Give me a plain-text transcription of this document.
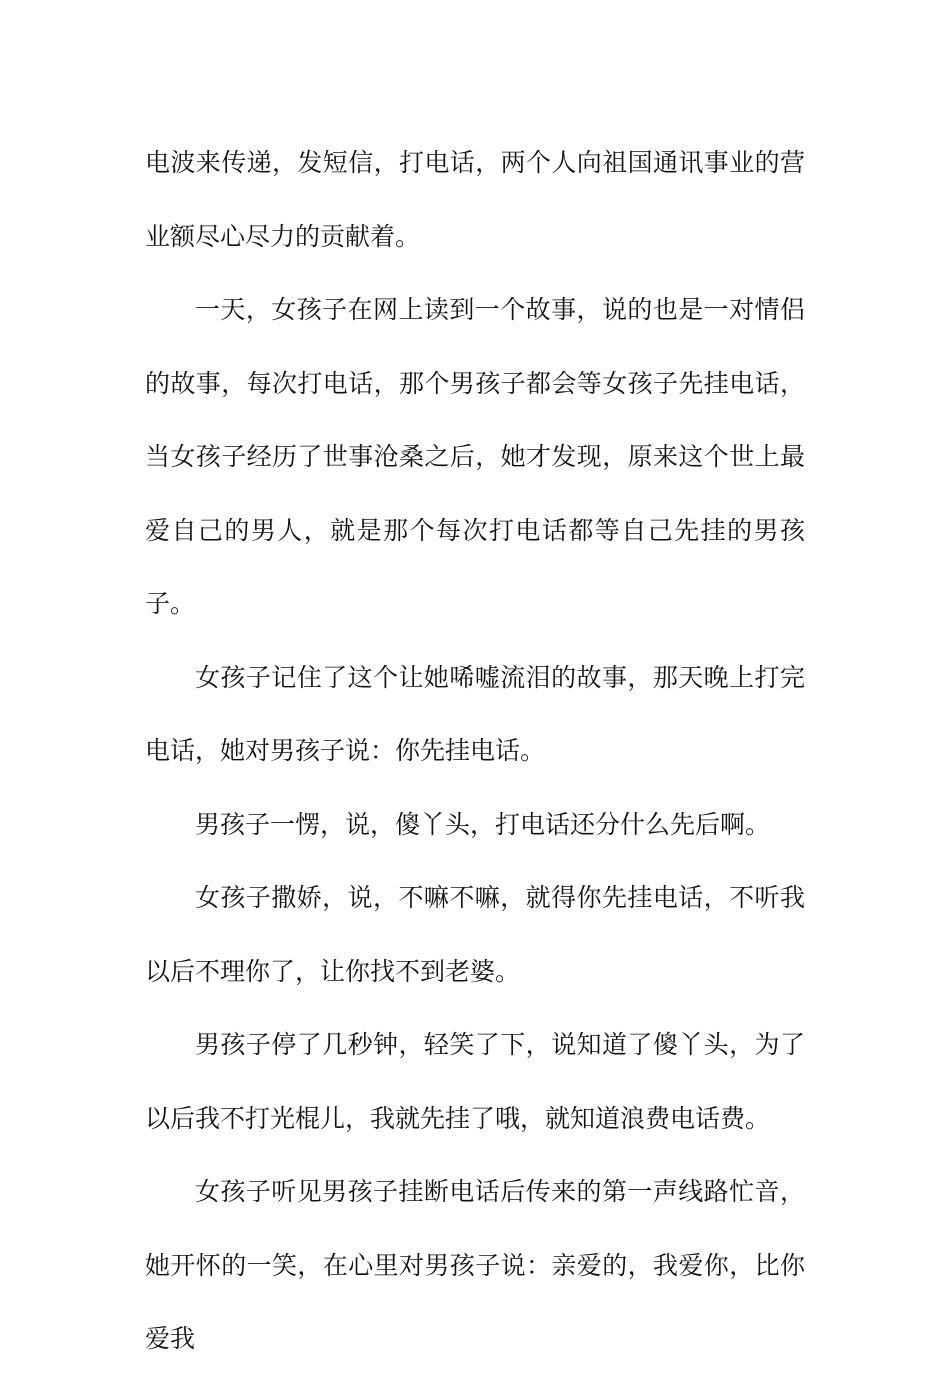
电波来传递，发短信，打电话，两个人向祖国通讯事业的营业额尽心尽力的贡献着。

一天，女孩子在网上读到一个故事，说的也是一对情侣的故事，每次打电话，那个男孩子都会等女孩子先挂电话，当女孩子经历了世事沧桑之后，她才发现，原来这个世上最爱自己的男人，就是那个每次打电话都等自己先挂的男孩子。

女孩子记住了这个让她唏嘘流泪的故事，那天晚上打完电话，她对男孩子说：你先挂电话。

男孩子一愣，说，傻丫头，打电话还分什么先后啊。

女孩子撒娇，说，不嘛不嘛，就得你先挂电话，不听我以后不理你了，让你找不到老婆。

男孩子停了几秒钟，轻笑了下，说知道了傻丫头，为了以后我不打光棍儿，我就先挂了哦，就知道浪费电话费。

女孩子听见男孩子挂断电话后传来的第一声线路忙音，她开怀的一笑，在心里对男孩子说：亲爱的，我爱你，比你爱我
